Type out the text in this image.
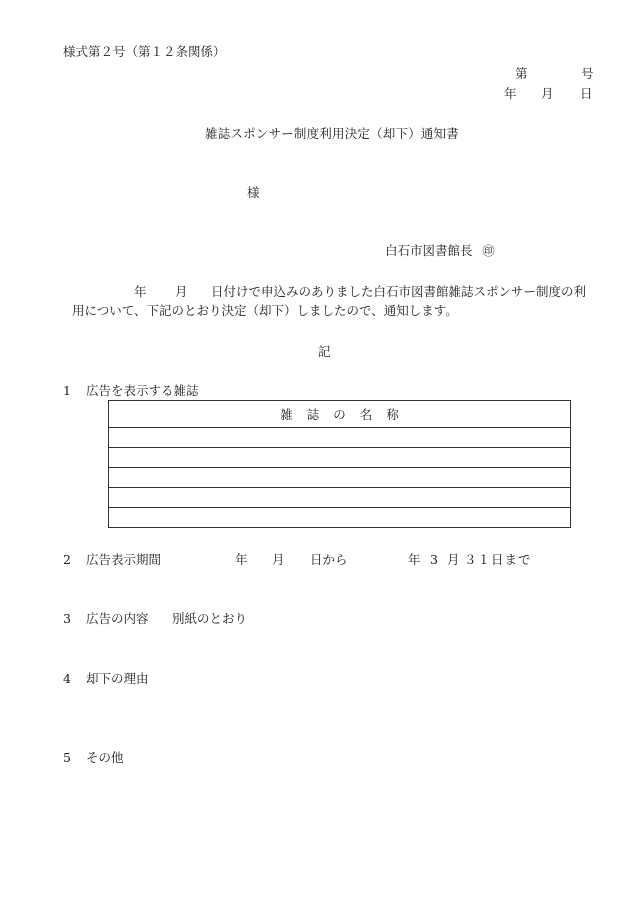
様式第２号（第１２条関係）
第	号
年 月 日
雑誌スポンサー制度利用決定（却下）通知書
様
白石市図書館長 ㊞
年 月 日付けで申込みのありました白石市図書館雑誌スポンサー制度の利
用について、下記のとおり決定（却下）しましたので、通知します。
記
1 広告を表示する雑誌
雑誌の名称

2 広告表示期間	年 月 日から	年 3 月 ３１日まで
3 広告の内容 別紙のとおり
4 却下の理由
5 その他
